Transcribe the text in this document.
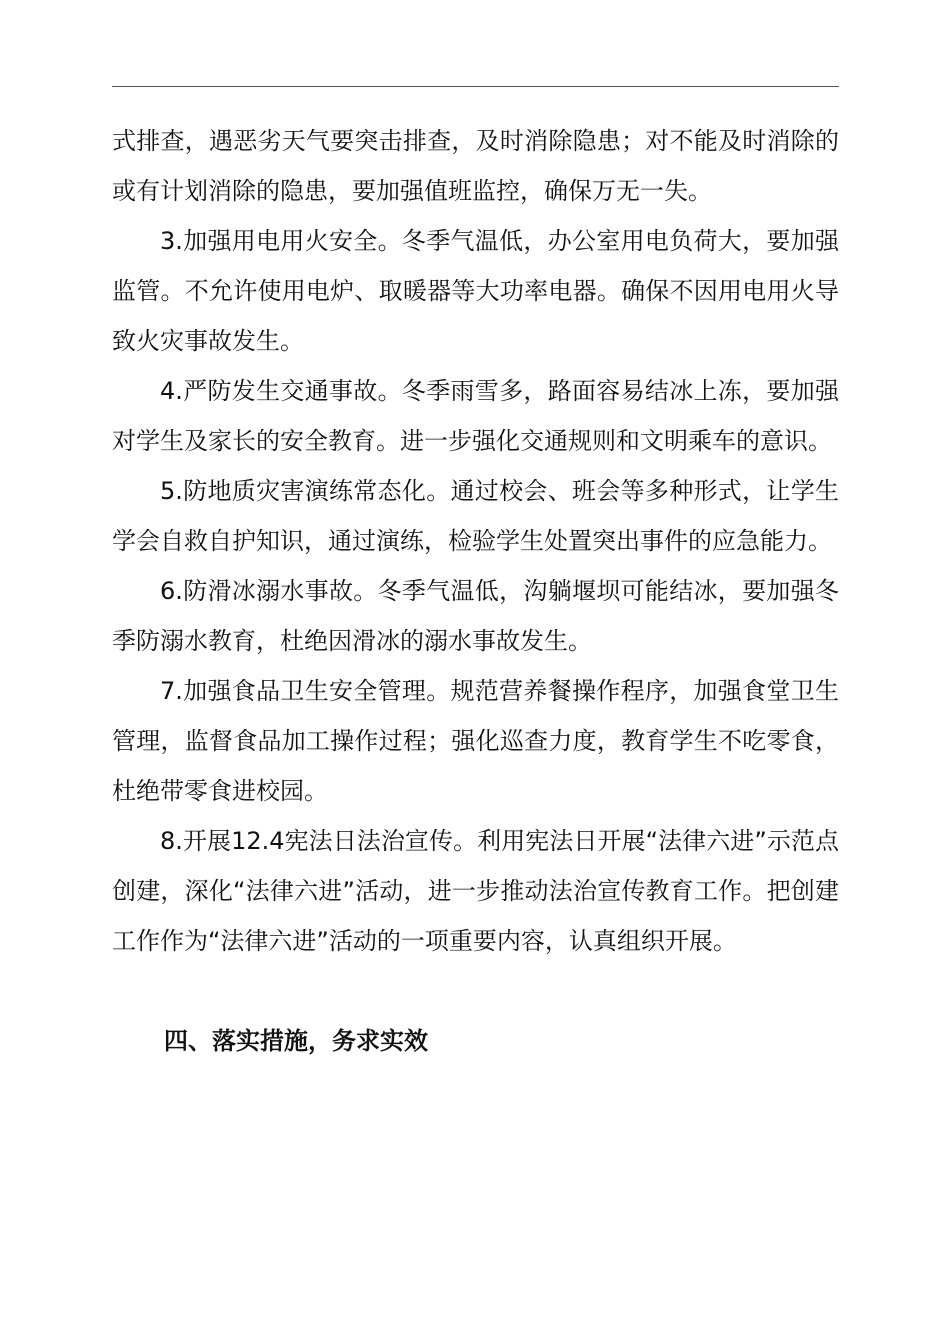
式排查，遇恶劣天气要突击排查，及时消除隐患；对不能及时消除的或有计划消除的隐患，要加强值班监控，确保万无一失。

3.加强用电用火安全。冬季气温低，办公室用电负荷大，要加强监管。不允许使用电炉、取暖器等大功率电器。确保不因用电用火导致火灾事故发生。

4.严防发生交通事故。冬季雨雪多，路面容易结冰上冻，要加强对学生及家长的安全教育。进一步强化交通规则和文明乘车的意识。

5.防地质灾害演练常态化。通过校会、班会等多种形式，让学生学会自救自护知识，通过演练，检验学生处置突出事件的应急能力。

6.防滑冰溺水事故。冬季气温低，沟躺堰坝可能结冰，要加强冬季防溺水教育，杜绝因滑冰的溺水事故发生。

7.加强食品卫生安全管理。规范营养餐操作程序，加强食堂卫生管理，监督食品加工操作过程；强化巡查力度，教育学生不吃零食，杜绝带零食进校园。

8.开展12.4宪法日法治宣传。利用宪法日开展“法律六进”示范点创建，深化“法律六进”活动，进一步推动法治宣传教育工作。把创建工作作为“法律六进”活动的一项重要内容，认真组织开展。

四、落实措施，务求实效
